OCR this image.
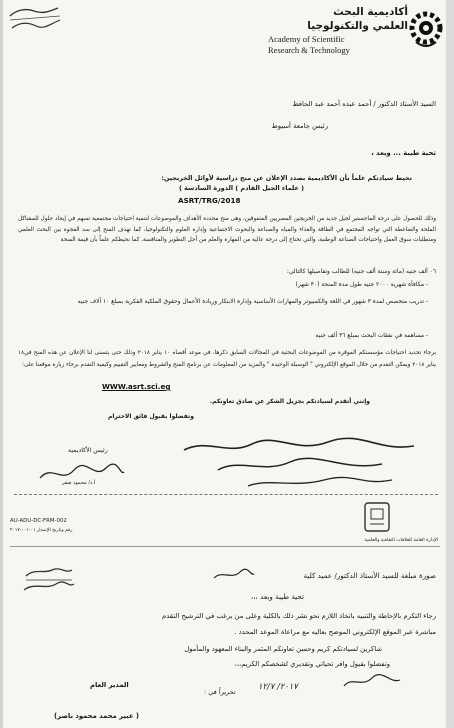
أكاديمية البحث
العلمي والتكنولوجيا
Academy of Scientific
Research & Technology
السيد الأستاذ الدكتور / أحمد عبده أحمد عبد الحافظ
رئيس جامعة أسيوط
تحية طيبة ... وبعد ،
نحيط سيادتكم علماً بأن الأكاديمية بصدد الإعلان عن منح دراسية لأوائل الخريجين:
( علماء الجيل القادم ) الدورة السادسة )
ASRT/TRG/2018
وذلك للحصول على درجة الماجستير لجيل جديد من الخريجين المصريين المتفوقين، وهى منح محددة الأهداف والموضوعات لتنمية احتياجات مجتمعية تسهم في إيجاد حلول للمشاكل الملحة والضاغطة التي تواجه المجتمع في الطاقة والغذاء والمياه والصناعة والبحوث الاجتماعية وإدارة العلوم والتكنولوجيا، كما تهدف المنح إلى سد الفجوة بين البحث العلمي ومتطلبات سوق العمل واحتياجات الصناعة الوطنية، والتي تحتاج إلى درجة عالية من المهارة والعلم من أجل التطوير والمنافسة. كما نحيطكم علماً بأن قيمة المنحة
٠٦ ألف جنيه (مائة وستة ألف جنيه) للطالب وتفاصيلها كالتالي:
- مكافأة شهرية ٢٠٠٠ جنيه طول مدة المنحة (٣٠ شهر)
- تدريب متخصص لمدة ٣ شهور في اللغة والكمبيوتر والمهارات الأساسية وإدارة الابتكار وريادة الأعمال وحقوق الملكية الفكرية بمبلغ ١٠ آلاف جنيه
- مساهمة في نفقات البحث بمبلغ ٣٦ ألف جنيه
برجاء تحديد احتياجات مؤسستكم الموقرة من الموضوعات البحثية في المجالات السابق ذكرها، في موعد أقصاه ١٠ يناير ٢٠١٨ وذلك حتى يتسنى لنا الإعلان عن هذه المنح في١٨ يناير ٢٠١٨ ويمكن التقدم من خلال الموقع الإلكتروني " الوسيلة الوحيدة " والمزيد من المعلومات عن برنامج المنح والشروط ومعايير التقييم وكيفية التقدم برجاء زيارة موقعنا على:
WWW.asrt.sci.eg
وإنني أتقدم لسيادتكم بجزيل الشكر عن صادق تعاونكم.
وتفضلوا بقبول فائق الاحترام
رئيس الأكاديمية
أ.د/ محمود صقر
AU-ADU-DC-FRM-002
رقم وتاريخ الإصدار ٠١-٠٠١-٢٠١٧
الإدارة العامة للعلاقات الثقافية والعلمية
صورة مبلغة للسيد الأستاذ الدكتور/ عميد كلية
تحية طيبة وبعد ،،،
رجاء التكرم بالإحاطة والتنبيه باتخاذ اللازم نحو نشر ذلك بالكلية وعلى من يرغب في الترشيح التقدم
مباشرة عبر الموقع الإلكتروني الموضح بعاليه مع مراعاة الموعد المحدد .
شاكرين لسيادتكم كريم وحسن تعاونكم المثمر والبناء المعهود والمأمول
وتفضلوا بقبول وافر تحياتي وتقديري لشخصكم الكريم،،،
تحريراً في :
٢٠١٧/ ١٢/٧
المدير العام
( عبير محمد محمود ناصر)
